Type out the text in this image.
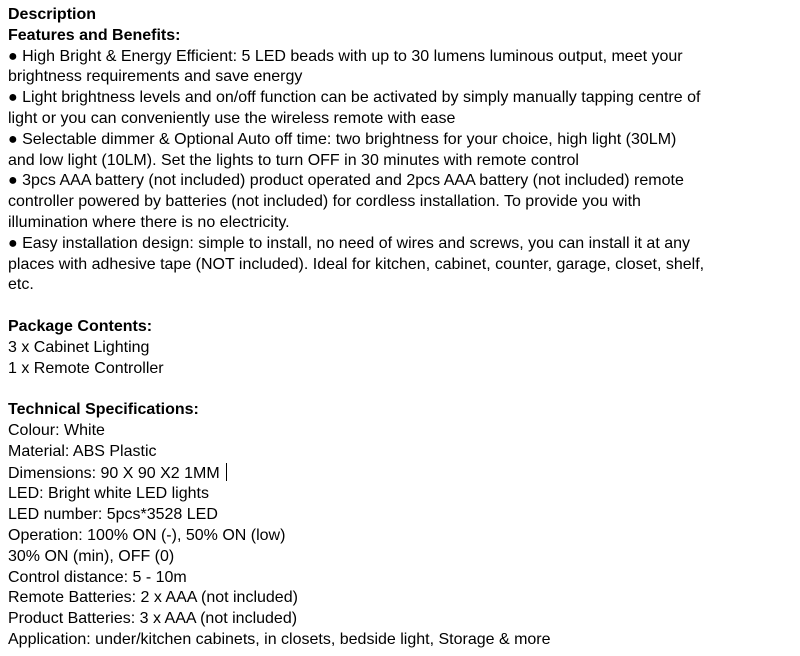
Description
Features and Benefits:
● High Bright & Energy Efficient: 5 LED beads with up to 30 lumens luminous output, meet your
brightness requirements and save energy
● Light brightness levels and on/off function can be activated by simply manually tapping centre of
light or you can conveniently use the wireless remote with ease
● Selectable dimmer & Optional Auto off time: two brightness for your choice, high light (30LM)
and low light (10LM). Set the lights to turn OFF in 30 minutes with remote control
● 3pcs AAA battery (not included) product operated and 2pcs AAA battery (not included) remote
controller powered by batteries (not included) for cordless installation. To provide you with
illumination where there is no electricity.
● Easy installation design: simple to install, no need of wires and screws, you can install it at any
places with adhesive tape (NOT included). Ideal for kitchen, cabinet, counter, garage, closet, shelf,
etc.
Package Contents:
3 x Cabinet Lighting
1 x Remote Controller
Technical Specifications:
Colour: White
Material: ABS Plastic
Dimensions: 90 X 90 X2 1MM
LED: Bright white LED lights
LED number: 5pcs*3528 LED
Operation: 100% ON (-), 50% ON (low)
30% ON (min), OFF (0)
Control distance: 5 - 10m
Remote Batteries: 2 x AAA (not included)
Product Batteries: 3 x AAA (not included)
Application: under/kitchen cabinets, in closets, bedside light, Storage & more
